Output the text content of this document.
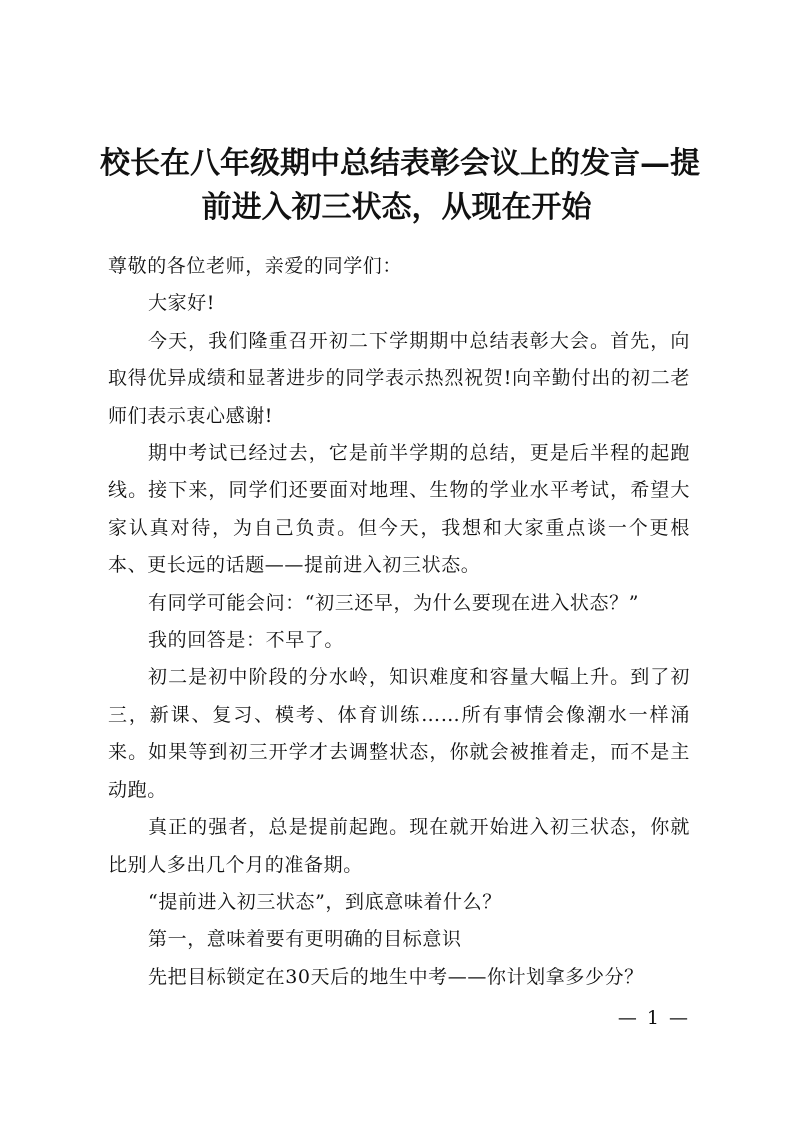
校长在八年级期中总结表彰会议上的发言—提
前进入初三状态，从现在开始

尊敬的各位老师，亲爱的同学们：

大家好!

今天，我们隆重召开初二下学期期中总结表彰大会。首先，向取得优异成绩和显著进步的同学表示热烈祝贺!向辛勤付出的初二老师们表示衷心感谢!

期中考试已经过去，它是前半学期的总结，更是后半程的起跑线。接下来，同学们还要面对地理、生物的学业水平考试，希望大家认真对待，为自己负责。但今天，我想和大家重点谈一个更根本、更长远的话题——提前进入初三状态。

有同学可能会问：“初三还早，为什么要现在进入状态？”

我的回答是：不早了。

初二是初中阶段的分水岭，知识难度和容量大幅上升。到了初三，新课、复习、模考、体育训练……所有事情会像潮水一样涌来。如果等到初三开学才去调整状态，你就会被推着走，而不是主动跑。

真正的强者，总是提前起跑。现在就开始进入初三状态，你就比别人多出几个月的准备期。

“提前进入初三状态”，到底意味着什么？

第一，意味着要有更明确的目标意识

先把目标锁定在30天后的地生中考——你计划拿多少分？

— 1 —
